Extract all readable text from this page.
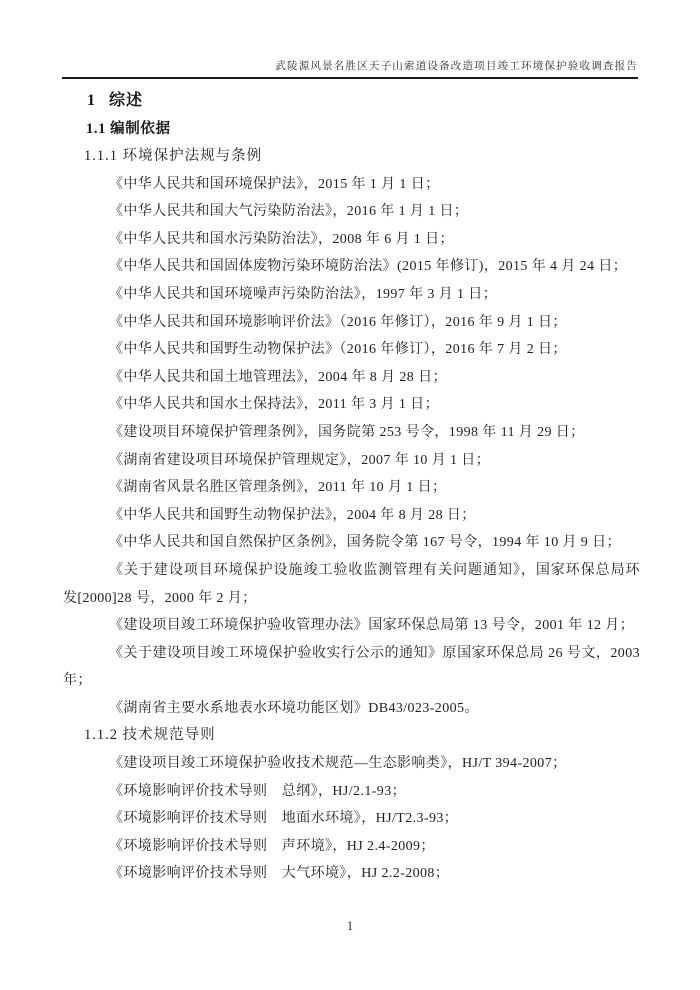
武陵源风景名胜区天子山索道设备改造项目竣工环境保护验收调查报告
1 综述
1.1 编制依据
1.1.1 环境保护法规与条例
《中华人民共和国环境保护法》，2015 年 1 月 1 日；
《中华人民共和国大气污染防治法》，2016 年 1 月 1 日；
《中华人民共和国水污染防治法》，2008 年 6 月 1 日；
《中华人民共和国固体废物污染环境防治法》(2015 年修订)，2015 年 4 月 24 日；
《中华人民共和国环境噪声污染防治法》，1997 年 3 月 1 日；
《中华人民共和国环境影响评价法》（2016 年修订），2016 年 9 月 1 日；
《中华人民共和国野生动物保护法》（2016 年修订），2016 年 7 月 2 日；
《中华人民共和国土地管理法》，2004 年 8 月 28 日；
《中华人民共和国水土保持法》，2011 年 3 月 1 日；
《建设项目环境保护管理条例》，国务院第 253 号令，1998 年 11 月 29 日；
《湖南省建设项目环境保护管理规定》，2007 年 10 月 1 日；
《湖南省风景名胜区管理条例》，2011 年 10 月 1 日；
《中华人民共和国野生动物保护法》，2004 年 8 月 28 日；
《中华人民共和国自然保护区条例》，国务院令第 167 号令，1994 年 10 月 9 日；
《关于建设项目环境保护设施竣工验收监测管理有关问题通知》，国家环保总局环
发[2000]28 号，2000 年 2 月；
《建设项目竣工环境保护验收管理办法》国家环保总局第 13 号令，2001 年 12 月；
《关于建设项目竣工环境保护验收实行公示的通知》原国家环保总局 26 号文，2003
年；
《湖南省主要水系地表水环境功能区划》DB43/023-2005。
1.1.2 技术规范导则
《建设项目竣工环境保护验收技术规范—生态影响类》，HJ/T 394-2007；
《环境影响评价技术导则　总纲》，HJ/2.1-93；
《环境影响评价技术导则　地面水环境》，HJ/T2.3-93；
《环境影响评价技术导则　声环境》，HJ 2.4-2009；
《环境影响评价技术导则　大气环境》，HJ 2.2-2008；
1
